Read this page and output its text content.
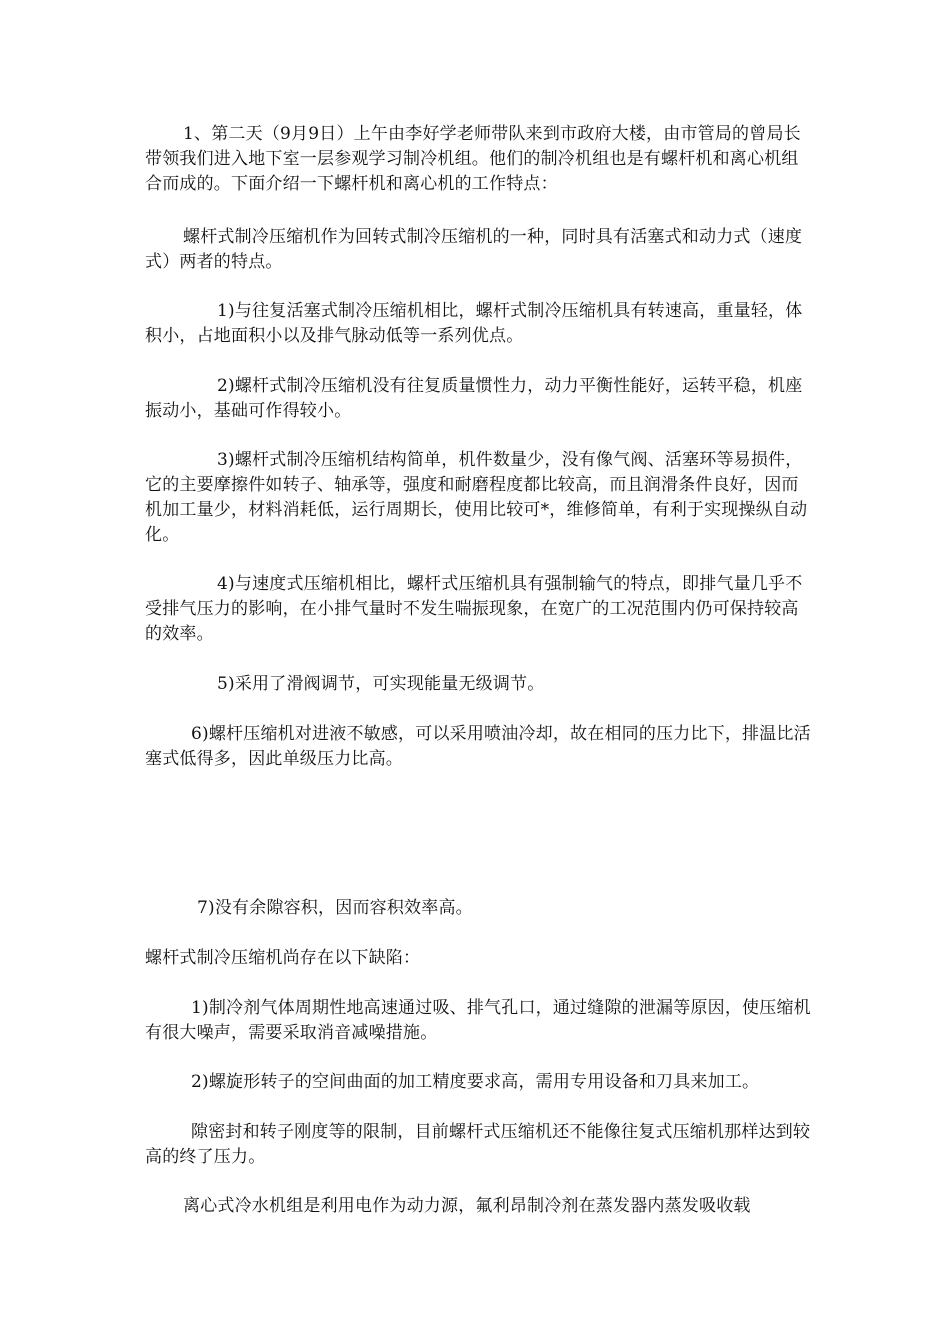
1、第二天（9月9日）上午由李好学老师带队来到市政府大楼，由市管局的曾局长带领我们进入地下室一层参观学习制冷机组。他们的制冷机组也是有螺杆机和离心机组合而成的。下面介绍一下螺杆机和离心机的工作特点：

螺杆式制冷压缩机作为回转式制冷压缩机的一种，同时具有活塞式和动力式（速度式）两者的特点。

1)与往复活塞式制冷压缩机相比，螺杆式制冷压缩机具有转速高，重量轻，体积小，占地面积小以及排气脉动低等一系列优点。

2)螺杆式制冷压缩机没有往复质量惯性力，动力平衡性能好，运转平稳，机座振动小，基础可作得较小。

3)螺杆式制冷压缩机结构简单，机件数量少，没有像气阀、活塞环等易损件，它的主要摩擦件如转子、轴承等，强度和耐磨程度都比较高，而且润滑条件良好，因而机加工量少，材料消耗低，运行周期长，使用比较可*，维修简单，有利于实现操纵自动化。

4)与速度式压缩机相比，螺杆式压缩机具有强制输气的特点，即排气量几乎不受排气压力的影响，在小排气量时不发生喘振现象，在宽广的工况范围内仍可保持较高的效率。

5)采用了滑阀调节，可实现能量无级调节。

6)螺杆压缩机对进液不敏感，可以采用喷油冷却，故在相同的压力比下，排温比活塞式低得多，因此单级压力比高。

7)没有余隙容积，因而容积效率高。

螺杆式制冷压缩机尚存在以下缺陷：

1)制冷剂气体周期性地高速通过吸、排气孔口，通过缝隙的泄漏等原因，使压缩机有很大噪声，需要采取消音减噪措施。

2)螺旋形转子的空间曲面的加工精度要求高，需用专用设备和刀具来加工。

隙密封和转子刚度等的限制，目前螺杆式压缩机还不能像往复式压缩机那样达到较高的终了压力。

离心式冷水机组是利用电作为动力源，氟利昂制冷剂在蒸发器内蒸发吸收载
